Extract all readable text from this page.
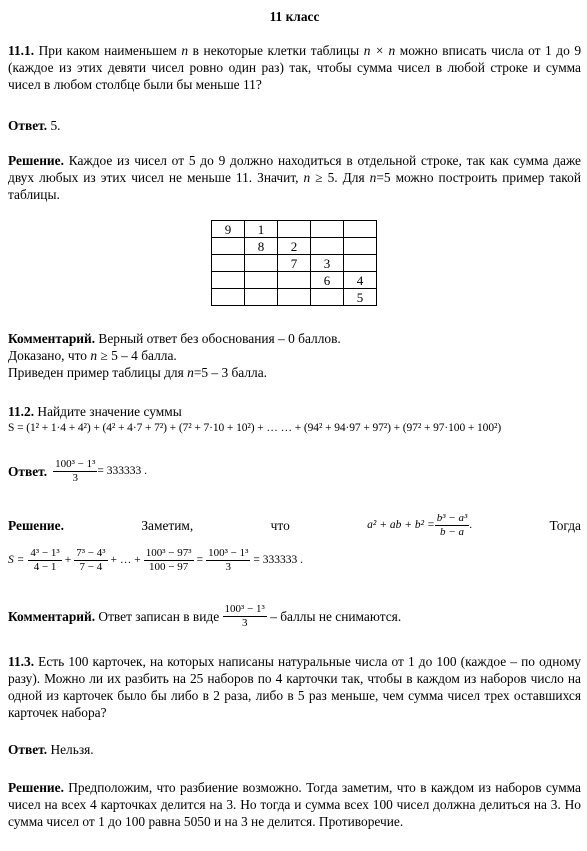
11 класс

11.1. При каком наименьшем n в некоторые клетки таблицы n × n можно вписать числа от 1 до 9 (каждое из этих девяти чисел ровно один раз) так, чтобы сумма чисел в любой строке и сумма чисел в любом столбце были бы меньше 11?

Ответ. 5.

Решение. Каждое из чисел от 5 до 9 должно находиться в отдельной строке, так как сумма даже двух любых из этих чисел не меньше 11. Значит, n ≥ 5. Для n=5 можно построить пример такой таблицы.

9	1			
	8	2		
		7	3	
			6	4
				5

Комментарий. Верный ответ без обоснования – 0 баллов.

Доказано, что n ≥ 5 – 4 балла.

Приведен пример таблицы для n=5 – 3 балла.

11.2. Найдите значение суммы

S = (1² + 1·4 + 4²) + (4² + 4·7 + 7²) + (7² + 7·10 + 10²) + … … + (94² + 94·97 + 97²) + (97² + 97·100 + 100²)
Ответ. $\frac{\text{100³ − 1³}}{3} = 333333$ .
Решение.	Заметим,	что	a² + ab + $b^2 = \frac{\text{b³ − a³}}{b - a}$ .	Тогда
$S = \frac{\text{4³ − 1³}}{4 - 1} + \frac{\text{7³ − 4³}}{7 - 4}$ + … + $\frac{\text{100³ − 97³}}{100 - 97} = \frac{\text{100³ − 1³}}{3} = 333333$ .
Комментарий. Ответ записан в виде $\frac{\text{100³ − 1³}}{3}$ – баллы не снимаются.

11.3. Есть 100 карточек, на которых написаны натуральные числа от 1 до 100 (каждое – по одному разу). Можно ли их разбить на 25 наборов по 4 карточки так, чтобы в каждом из наборов число на одной из карточек было бы либо в 2 раза, либо в 5 раз меньше, чем сумма чисел трех оставшихся карточек набора?

Ответ. Нельзя.

Решение. Предположим, что разбиение возможно. Тогда заметим, что в каждом из наборов сумма чисел на всех 4 карточках делится на 3. Но тогда и сумма всех 100 чисел должна делиться на 3. Но сумма чисел от 1 до 100 равна 5050 и на 3 не делится. Противоречие.
